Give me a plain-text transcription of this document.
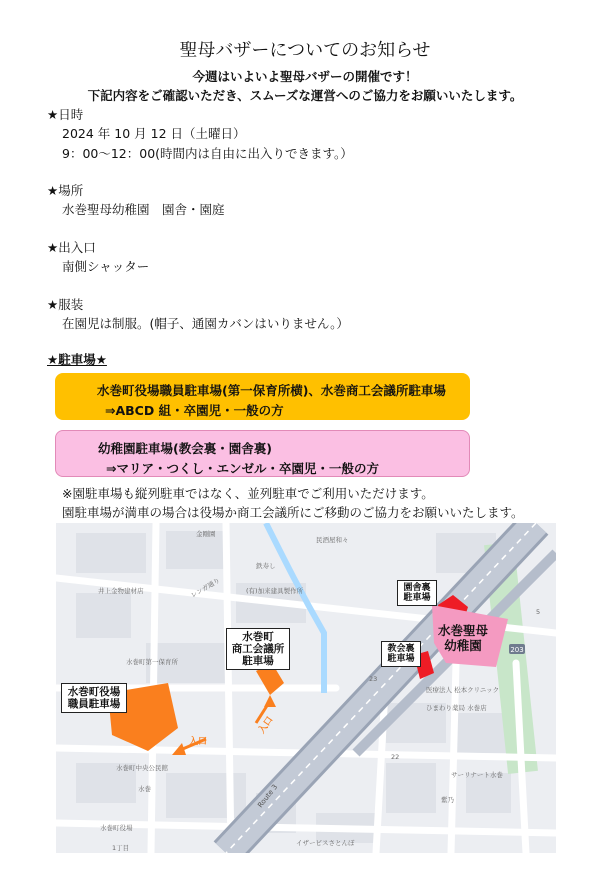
聖母バザーについてのお知らせ
今週はいよいよ聖母バザーの開催です！
下記内容をご確認いただき、スムーズな運営へのご協力をお願いいたします。
★日時
2024 年 10 月 12 日（土曜日）
9：00～12：00(時間内は自由に出入りできます。）
★場所
水巻聖母幼稚園　園舎・園庭
★出入口
南側シャッター
★服装
在園児は制服。(帽子、通園カバンはいりません。）
★駐車場★
水巻町役場職員駐車場(第一保育所横)、水巻商工会議所駐車場
⇒ABCD 組・卒園児・一般の方
幼稚園駐車場(教会裏・園舎裏)
⇒マリア・つくし・エンゼル・卒園児・一般の方
※園駐車場も縦列駐車ではなく、並列駐車でご利用いただけます。
園駐車場が満車の場合は役場か商工会議所にご移動のご協力をお願いいたします。
203
Route 3
水巻町役場
職員駐車場
水巻町
商工会議所
駐車場
園舎裏
駐車場
教会裏
駐車場
水巻聖母
幼稚園
入口
入口
金剛園
民酒屋和々
鉄寿し
井上金物建材店	(有)加来建具製作所
水巻町第一保育所
医療法人 松本クリニック
ひまわり薬局 水巻店
水巻町中央公民館
水巻町役場
サーリナート水巻
紫乃
イザービスさとんぼ
レンガ通り
水巻
1丁目
23
22
5
